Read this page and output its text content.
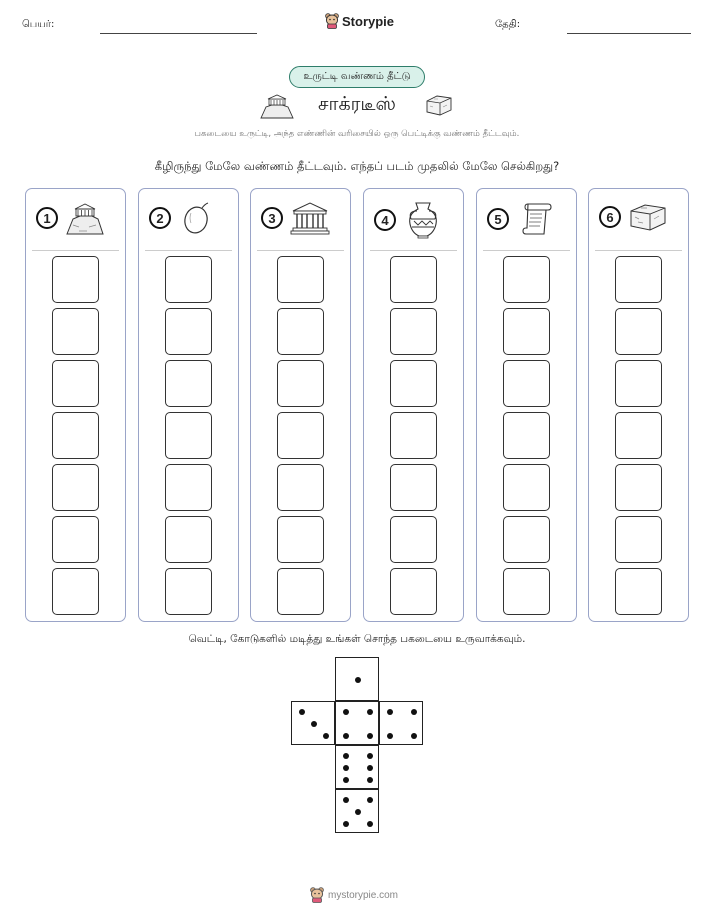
பெயர்:	Storypie	தேதி:
உருட்டி வண்ணம் தீட்டு
சாக்ரடீஸ்
பகடையை உருட்டி, அந்த எண்ணின் வரிசையில் ஒரு பெட்டிக்கு வண்ணம் தீட்டவும்.
கீழிருந்து மேலே வண்ணம் தீட்டவும். எந்தப் படம் முதலில் மேலே செல்கிறது?
1	2	3	4	5	6
வெட்டி, கோடுகளில் மடித்து உங்கள் சொந்த பகடையை உருவாக்கவும்.
mystorypie.com
